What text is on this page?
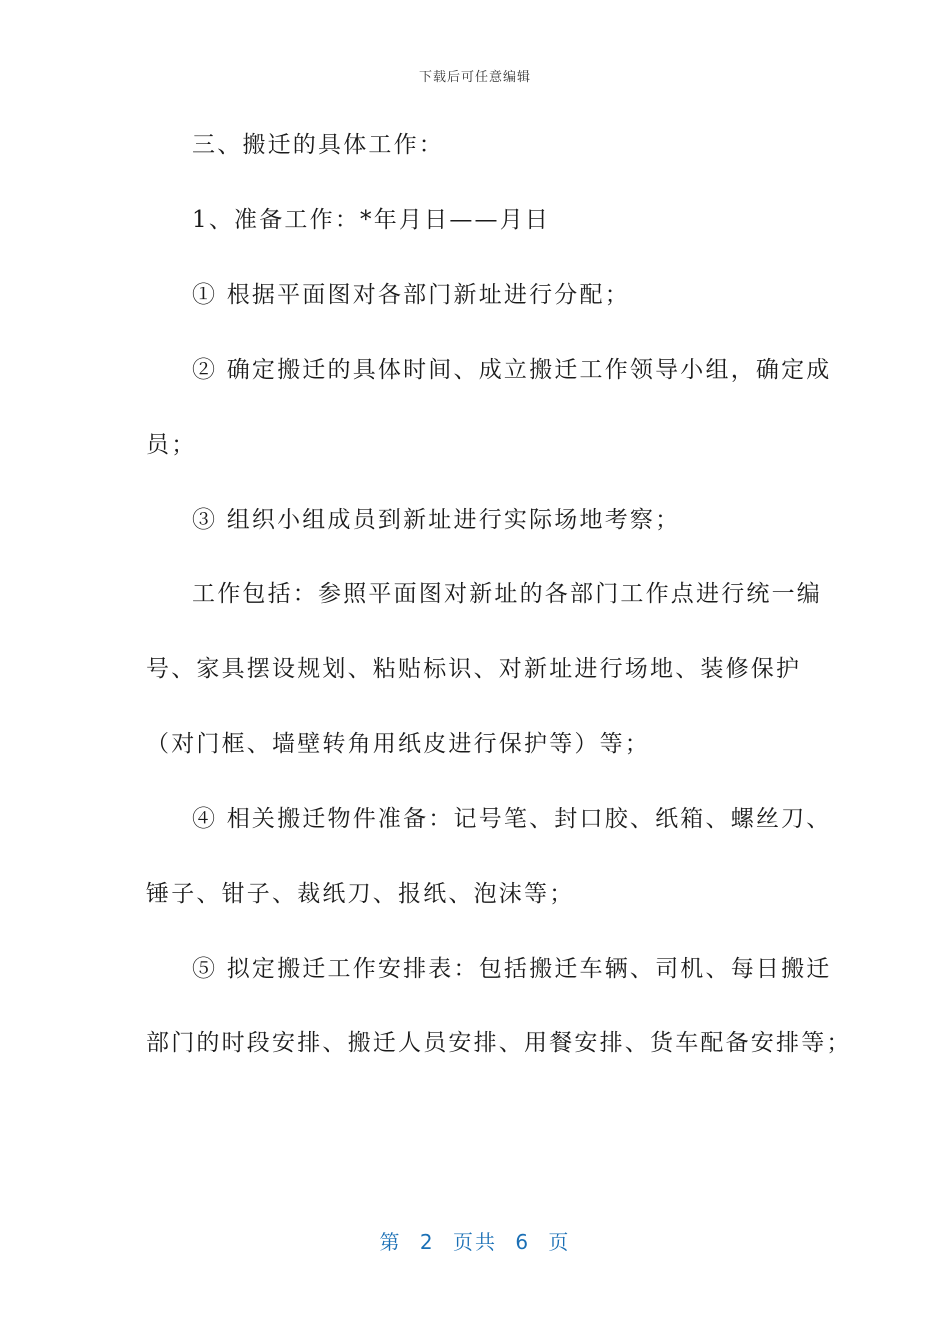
下载后可任意编辑
三、搬迁的具体工作：
1、准备工作：*年月日——月日
① 根据平面图对各部门新址进行分配；
② 确定搬迁的具体时间、成立搬迁工作领导小组，确定成
员；
③ 组织小组成员到新址进行实际场地考察；
工作包括：参照平面图对新址的各部门工作点进行统一编
号、家具摆设规划、粘贴标识、对新址进行场地、装修保护
（对门框、墙壁转角用纸皮进行保护等）等；
④ 相关搬迁物件准备：记号笔、封口胶、纸箱、螺丝刀、
锤子、钳子、裁纸刀、报纸、泡沫等；
⑤ 拟定搬迁工作安排表：包括搬迁车辆、司机、每日搬迁
部门的时段安排、搬迁人员安排、用餐安排、货车配备安排等；
第 2 页共 6 页
